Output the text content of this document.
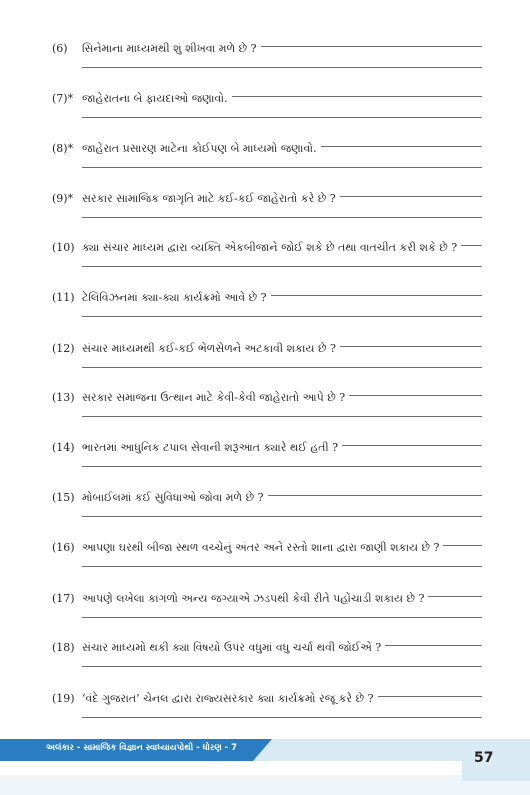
(6) સિનેમાના માધ્યમથી શું શીખવા મળે છે ?
(7)* જાહેરાતના બે ફાયદાઓ જણાવો.
(8)* જાહેરાત પ્રસારણ માટેના કોઈપણ બે માધ્યમો જણાવો.
(9)* સરકાર સામાજિક જાગૃતિ માટે કઈ-કઈ જાહેરાતો કરે છે ?
(10) ક્યા સંચાર માધ્યમ દ્વારા વ્યક્તિ એકબીજાને જોઈ શકે છે તથા વાતચીત કરી શકે છે ?
(11) ટેલિવિઝનમાં ક્યા-ક્યા કાર્યક્રમો આવે છે ?
(12) સંચાર માધ્યમથી કઈ-કઈ ભેળસેળને અટકાવી શકાય છે ?
(13) સરકાર સમાજના ઉત્થાન માટે કેવી-કેવી જાહેરાતો આપે છે ?
(14) ભારતમાં આધુનિક ટપાલ સેવાની શરૂઆત ક્યારે થઈ હતી ?
(15) મોબાઈલમાં કઈ સુવિધાઓ જોવા મળે છે ?
(16) આપણા ઘરથી બીજા સ્થળ વચ્ચેનું અંતર અને રસ્તો શાના દ્વારા જાણી શકાય છે ?
(17) આપણે લખેલા કાગળો અન્ય જગ્યાએ ઝડપથી કેવી રીતે પહોંચાડી શકાય છે ?
(18) સંચાર માધ્યમો થકી ક્યા વિષયો ઉપર વધુમાં વધુ ચર્ચા થવી જોઈએ ?
(19) ‘વંદે ગુજરાત’ ચેનલ દ્વારા રાજ્યસરકાર ક્યા કાર્યક્રમો રજૂ કરે છે ?
અલંકાર - સામાજિક વિજ્ઞાન સ્વાધ્યાયપોથી - ધોરણ - 7
57
